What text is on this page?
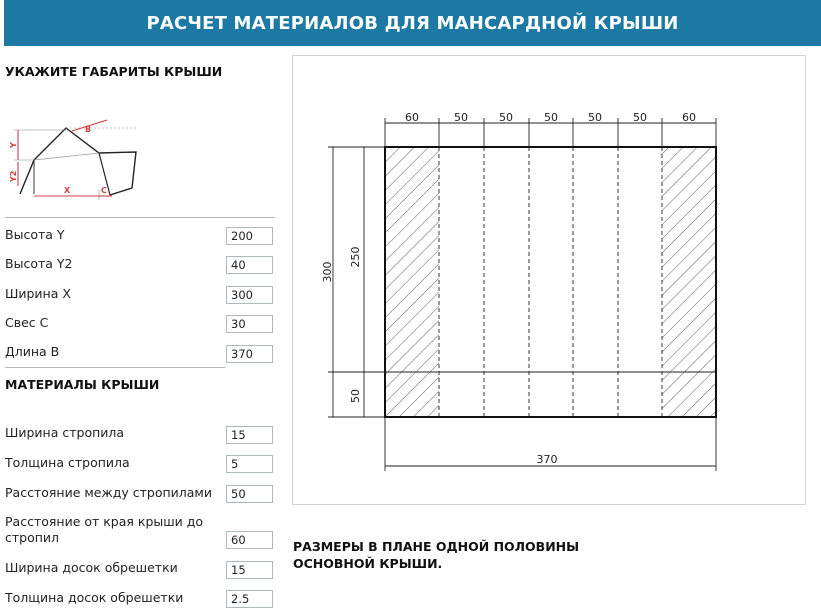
РАСЧЕТ МАТЕРИАЛОВ ДЛЯ МАНСАРДНОЙ КРЫШИ
УКАЖИТЕ ГАБАРИТЫ КРЫШИ
B
Y
Y2
X	C
Высота Y
200
Высота Y2
40
Ширина X
300
Свес C
30
Длина B
370
МАТЕРИАЛЫ КРЫШИ
Ширина стропила
15
Толщина стропила
5
Расстояние между стропилами
50
Расстояние от края крыши до стропил
60
Ширина досок обрешетки
15
Толщина досок обрешетки
2.5
60	50	50	50	50	50	60
300
250
50
370
РАЗМЕРЫ В ПЛАНЕ ОДНОЙ ПОЛОВИНЫ
ОСНОВНОЙ КРЫШИ.
